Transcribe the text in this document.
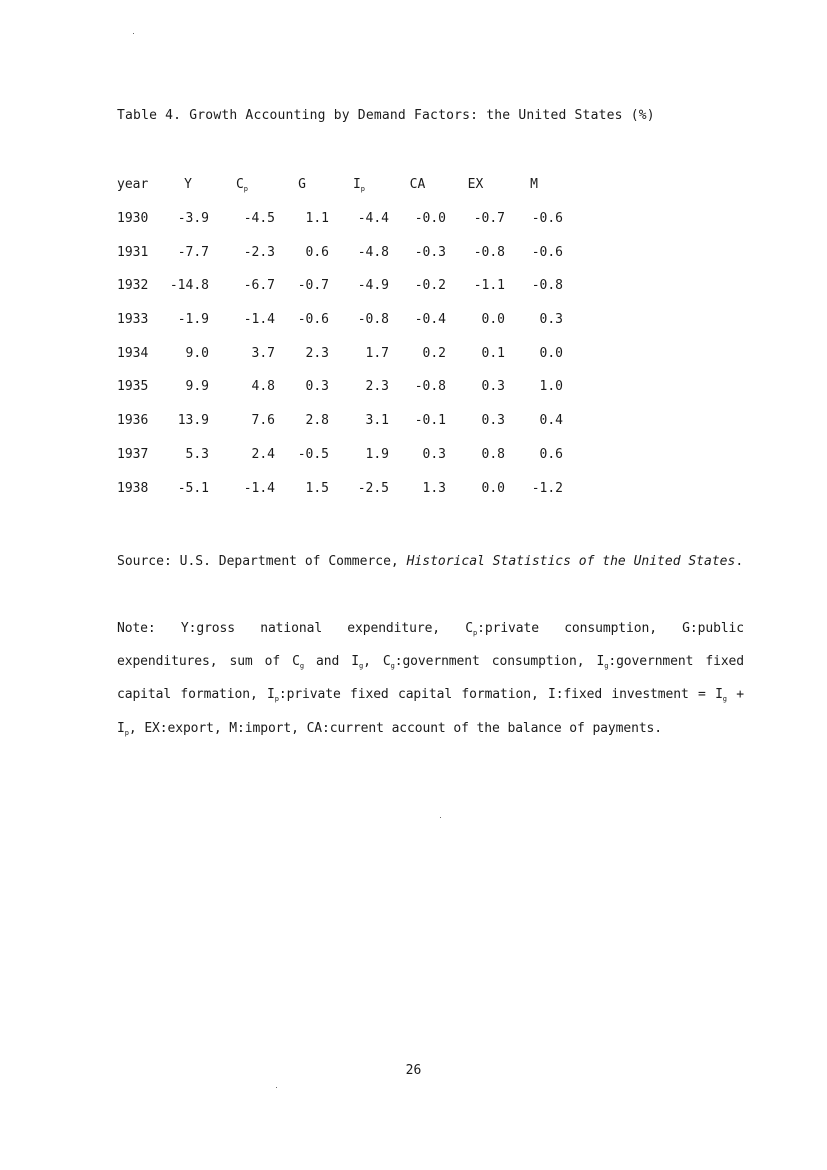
Table 4. Growth Accounting by Demand Factors: the United States (%)
year	Y	$C_p$	G	$I_p$	CA	EX	M
1930	-3.9	-4.5	1.1	-4.4	-0.0	-0.7	-0.6
1931	-7.7	-2.3	0.6	-4.8	-0.3	-0.8	-0.6
1932	-14.8	-6.7	-0.7	-4.9	-0.2	-1.1	-0.8
1933	-1.9	-1.4	-0.6	-0.8	-0.4	0.0	0.3
1934	9.0	3.7	2.3	1.7	0.2	0.1	0.0
1935	9.9	4.8	0.3	2.3	-0.8	0.3	1.0
1936	13.9	7.6	2.8	3.1	-0.1	0.3	0.4
1937	5.3	2.4	-0.5	1.9	0.3	0.8	0.6
1938	-5.1	-1.4	1.5	-2.5	1.3	0.0	-1.2
Source: U.S. Department of Commerce, Historical Statistics of the United States.
Note: Y:gross national expenditure, $C_p:private$ consumption, G:public expenditures, sum of $C_g$ and $I_g$, $C_g:government$ consumption, $I_g:government$ fixed capital formation, $I_p:private$ fixed capital formation, I:fixed investment = $I_g + I_p$, EX:export, M:import, CA:current account of the balance of payments.
26
